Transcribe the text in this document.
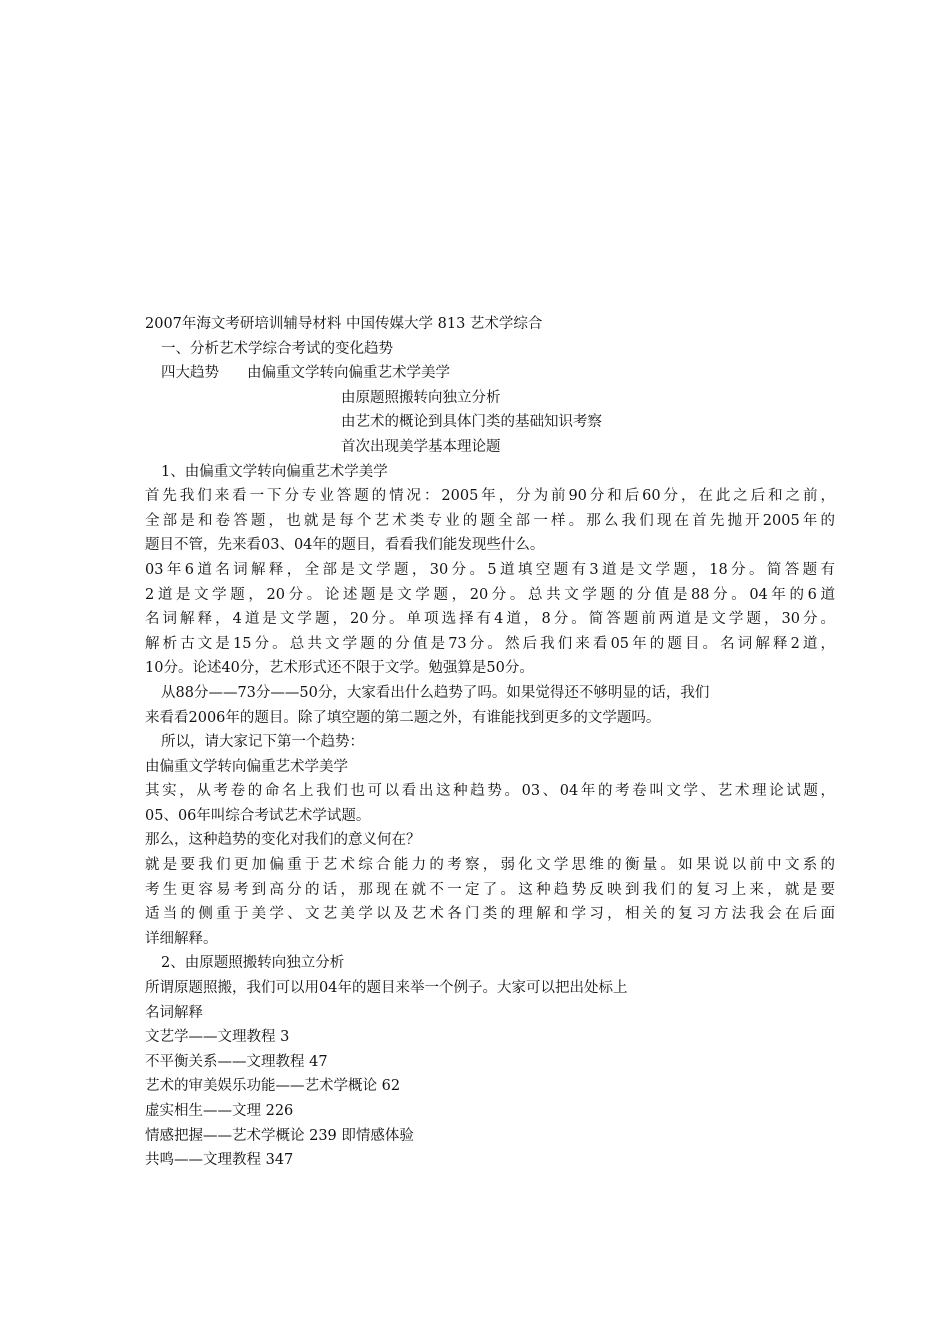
2007年海文考研培训辅导材料 中国传媒大学 813 艺术学综合
一、分析艺术学综合考试的变化趋势
四大趋势 由偏重文学转向偏重艺术学美学
由原题照搬转向独立分析
由艺术的概论到具体门类的基础知识考察
首次出现美学基本理论题
1、由偏重文学转向偏重艺术学美学
首先我们来看一下分专业答题的情况：2005年，分为前90分和后60分，在此之后和之前，
全部是和卷答题，也就是每个艺术类专业的题全部一样。那么我们现在首先抛开2005年的
题目不管，先来看03、04年的题目，看看我们能发现些什么。
03年6道名词解释，全部是文学题，30分。5道填空题有3道是文学题，18分。简答题有
2道是文学题，20分。论述题是文学题，20分。总共文学题的分值是88分。04年的6道
名词解释，4道是文学题，20分。单项选择有4道，8分。简答题前两道是文学题，30分。
解析古文是15分。总共文学题的分值是73分。然后我们来看05年的题目。名词解释2道，
10分。论述40分，艺术形式还不限于文学。勉强算是50分。
从88分——73分——50分，大家看出什么趋势了吗。如果觉得还不够明显的话，我们
来看看2006年的题目。除了填空题的第二题之外，有谁能找到更多的文学题吗。
所以，请大家记下第一个趋势：
由偏重文学转向偏重艺术学美学
其实，从考卷的命名上我们也可以看出这种趋势。03、04年的考卷叫文学、艺术理论试题，
05、06年叫综合考试艺术学试题。
那么，这种趋势的变化对我们的意义何在？
就是要我们更加偏重于艺术综合能力的考察，弱化文学思维的衡量。如果说以前中文系的
考生更容易考到高分的话，那现在就不一定了。这种趋势反映到我们的复习上来，就是要
适当的侧重于美学、文艺美学以及艺术各门类的理解和学习，相关的复习方法我会在后面
详细解释。
2、由原题照搬转向独立分析
所谓原题照搬，我们可以用04年的题目来举一个例子。大家可以把出处标上
名词解释
文艺学——文理教程 3
不平衡关系——文理教程 47
艺术的审美娱乐功能——艺术学概论 62
虚实相生——文理 226
情感把握——艺术学概论 239 即情感体验
共鸣——文理教程 347
